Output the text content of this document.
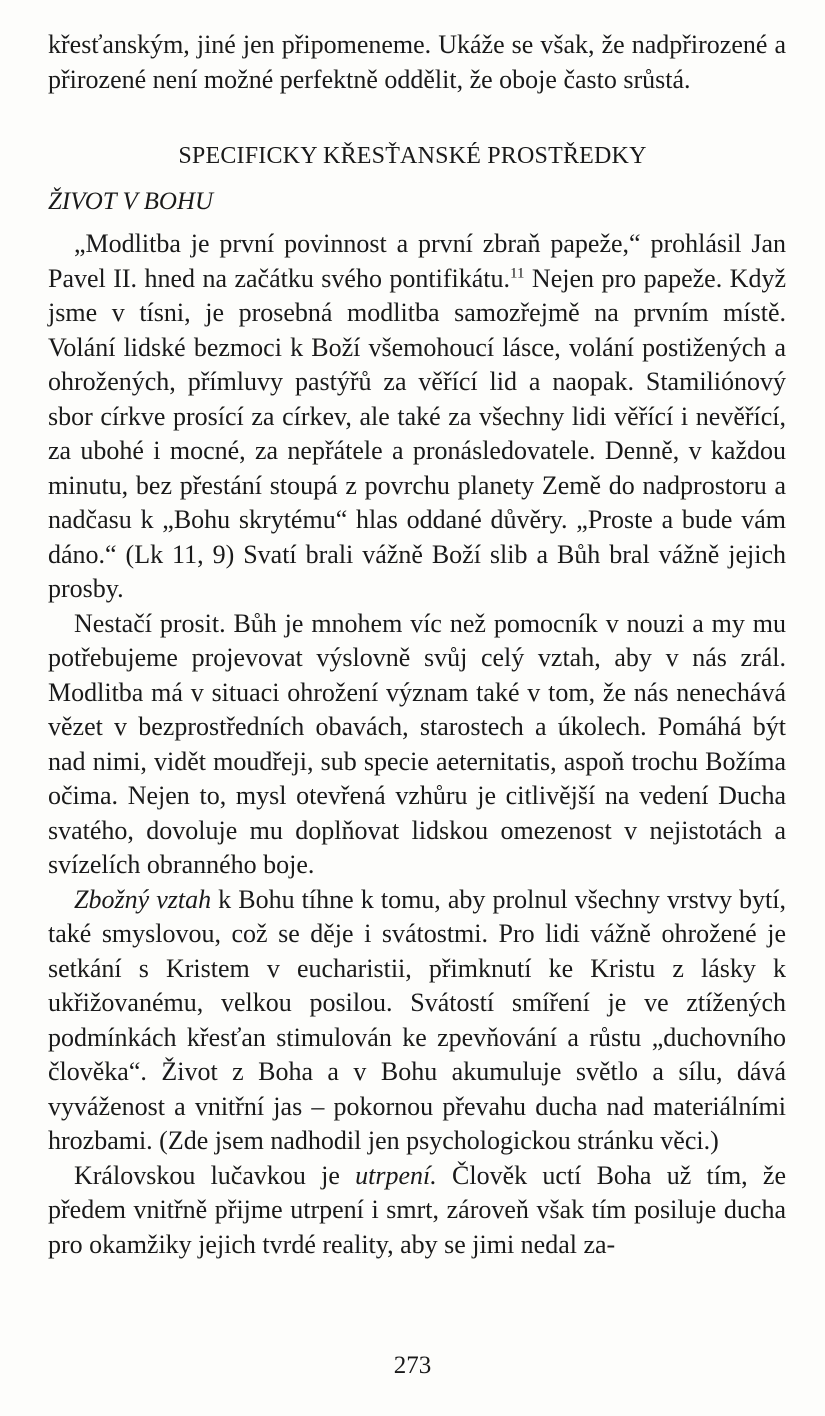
křesťanským, jiné jen připomeneme. Ukáže se však, že nadpřirozené a přirozené není možné perfektně oddělit, že oboje často srůstá.

SPECIFICKY KŘESŤANSKÉ PROSTŘEDKY
ŽIVOT V BOHU

„Modlitba je první povinnost a první zbraň papeže,“ prohlásil Jan Pavel II. hned na začátku svého pontifikátu.$^{11}$ Nejen pro papeže. Když jsme v tísni, je prosebná modlitba samozřejmě na prvním místě. Volání lidské bezmoci k Boží všemohoucí lásce, volání postižených a ohrožených, přímluvy pastýřů za věřící lid a naopak. Stamiliónový sbor církve prosící za církev, ale také za všechny lidi věřící i nevěřící, za ubohé i mocné, za nepřátele a pronásledovatele. Denně, v každou minutu, bez přestání stoupá z povrchu planety Země do nadprostoru a nadčasu k „Bohu skrytému“ hlas oddané důvěry. „Proste a bude vám dáno.“ (Lk 11, 9) Svatí brali vážně Boží slib a Bůh bral vážně jejich prosby.

Nestačí prosit. Bůh je mnohem víc než pomocník v nouzi a my mu potřebujeme projevovat výslovně svůj celý vztah, aby v nás zrál. Modlitba má v situaci ohrožení význam také v tom, že nás nenechává vězet v bezprostředních obavách, starostech a úkolech. Pomáhá být nad nimi, vidět moudřeji, sub specie aeternitatis, aspoň trochu Božíma očima. Nejen to, mysl otevřená vzhůru je citlivější na vedení Ducha svatého, dovoluje mu doplňovat lidskou omezenost v nejistotách a svízelích obranného boje.

Zbožný vztah k Bohu tíhne k tomu, aby prolnul všechny vrstvy bytí, také smyslovou, což se děje i svátostmi. Pro lidi vážně ohrožené je setkání s Kristem v eucharistii, přimknutí ke Kristu z lásky k ukřižovanému, velkou posilou. Svátostí smíření je ve ztížených podmínkách křesťan stimulován ke zpevňování a růstu „duchovního člověka“. Život z Boha a v Bohu akumuluje světlo a sílu, dává vyváženost a vnitřní jas – pokornou převahu ducha nad materiálními hrozbami. (Zde jsem nadhodil jen psychologickou stránku věci.)

Královskou lučavkou je utrpení. Člověk uctí Boha už tím, že předem vnitřně přijme utrpení i smrt, zároveň však tím posiluje ducha pro okamžiky jejich tvrdé reality, aby se jimi nedal za-

273
